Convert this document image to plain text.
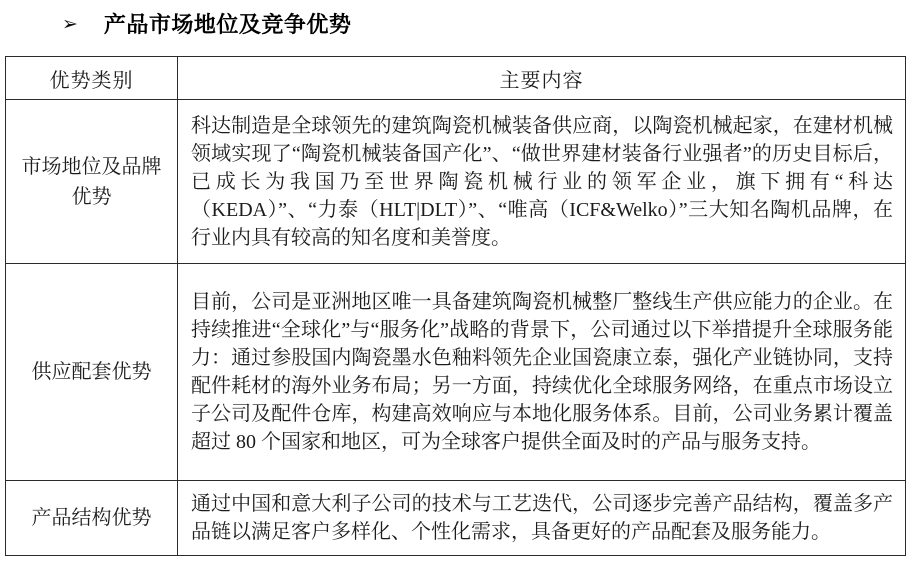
➢ 产品市场地位及竞争优势
优势类别	主要内容
市场地位及品牌优势	科达制造是全球领先的建筑陶瓷机械装备供应商，以陶瓷机械起家，在建材机械领域实现了“陶瓷机械装备国产化”、“做世界建材装备行业强者”的历史目标后，已成长为我国乃至世界陶瓷机械行业的领军企业，旗下拥有“科达（KEDA）”、“力泰（HLT|DLT）”、“唯高（ICF&Welko）”三大知名陶机品牌，在行业内具有较高的知名度和美誉度。
供应配套优势	目前，公司是亚洲地区唯一具备建筑陶瓷机械整厂整线生产供应能力的企业。在持续推进“全球化”与“服务化”战略的背景下，公司通过以下举措提升全球服务能力：通过参股国内陶瓷墨水色釉料领先企业国瓷康立泰，强化产业链协同，支持配件耗材的海外业务布局；另一方面，持续优化全球服务网络，在重点市场设立子公司及配件仓库，构建高效响应与本地化服务体系。目前，公司业务累计覆盖超过 80 个国家和地区，可为全球客户提供全面及时的产品与服务支持。
产品结构优势	通过中国和意大利子公司的技术与工艺迭代，公司逐步完善产品结构，覆盖多产品链以满足客户多样化、个性化需求，具备更好的产品配套及服务能力。
